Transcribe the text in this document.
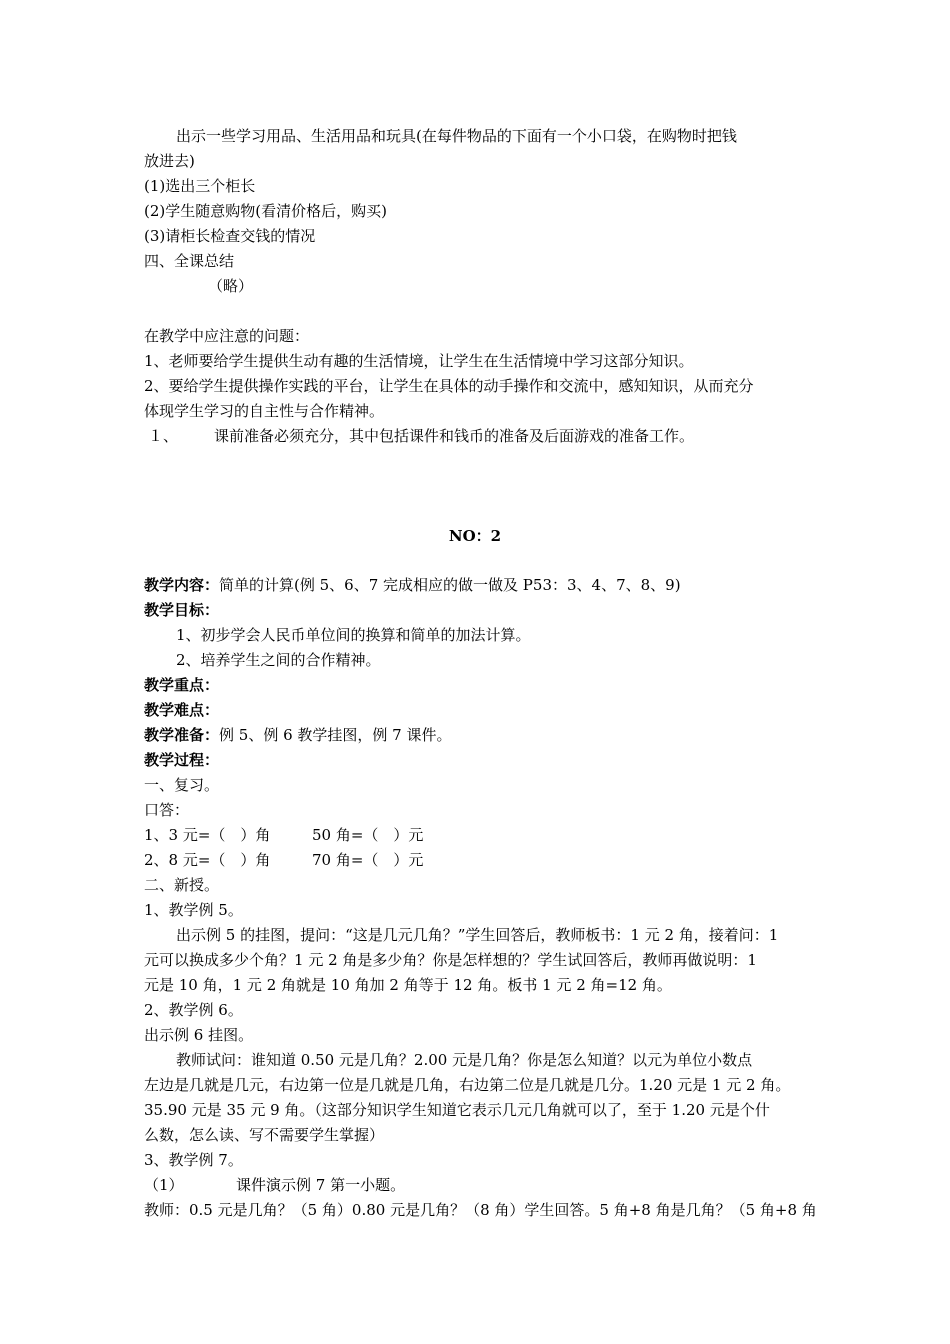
出示一些学习用品、生活用品和玩具(在每件物品的下面有一个小口袋，在购物时把钱
放进去)
(1)选出三个柜长
(2)学生随意购物(看清价格后，购买)
(3)请柜长检查交钱的情况
四、全课总结
（略）
在教学中应注意的问题：
1、老师要给学生提供生动有趣的生活情境，让学生在生活情境中学习这部分知识。
2、要给学生提供操作实践的平台，让学生在具体的动手操作和交流中，感知知识，从而充分
体现学生学习的自主性与合作精神。
１、 课前准备必须充分，其中包括课件和钱币的准备及后面游戏的准备工作。
NO：2
教学内容：简单的计算(例 5、6、7 完成相应的做一做及 P53：3、4、7、8、9)
教学目标：
1、初步学会人民币单位间的换算和简单的加法计算。
2、培养学生之间的合作精神。
教学重点：
教学难点：
教学准备：例 5、例 6 教学挂图，例 7 课件。
教学过程：
一、复习。
口答：
1、3 元=（　）角	50 角=（　）元
2、8 元=（　）角	70 角=（　）元
二、新授。
1、教学例 5。
出示例 5 的挂图，提问：“这是几元几角？”学生回答后，教师板书：1 元 2 角，接着问：1
元可以换成多少个角？1 元 2 角是多少角？你是怎样想的？学生试回答后，教师再做说明：1
元是 10 角，1 元 2 角就是 10 角加 2 角等于 12 角。板书 1 元 2 角=12 角。
2、教学例 6。
出示例 6 挂图。
教师试问：谁知道 0.50 元是几角？2.00 元是几角？你是怎么知道？以元为单位小数点
左边是几就是几元，右边第一位是几就是几角，右边第二位是几就是几分。1.20 元是 1 元 2 角。
35.90 元是 35 元 9 角。（这部分知识学生知道它表示几元几角就可以了，至于 1.20 元是个什
么数，怎么读、写不需要学生掌握）
3、教学例 7。
（1）	课件演示例 7 第一小题。
教师：0.5 元是几角？（5 角）0.80 元是几角？（8 角）学生回答。5 角+8 角是几角？（5 角+8 角
